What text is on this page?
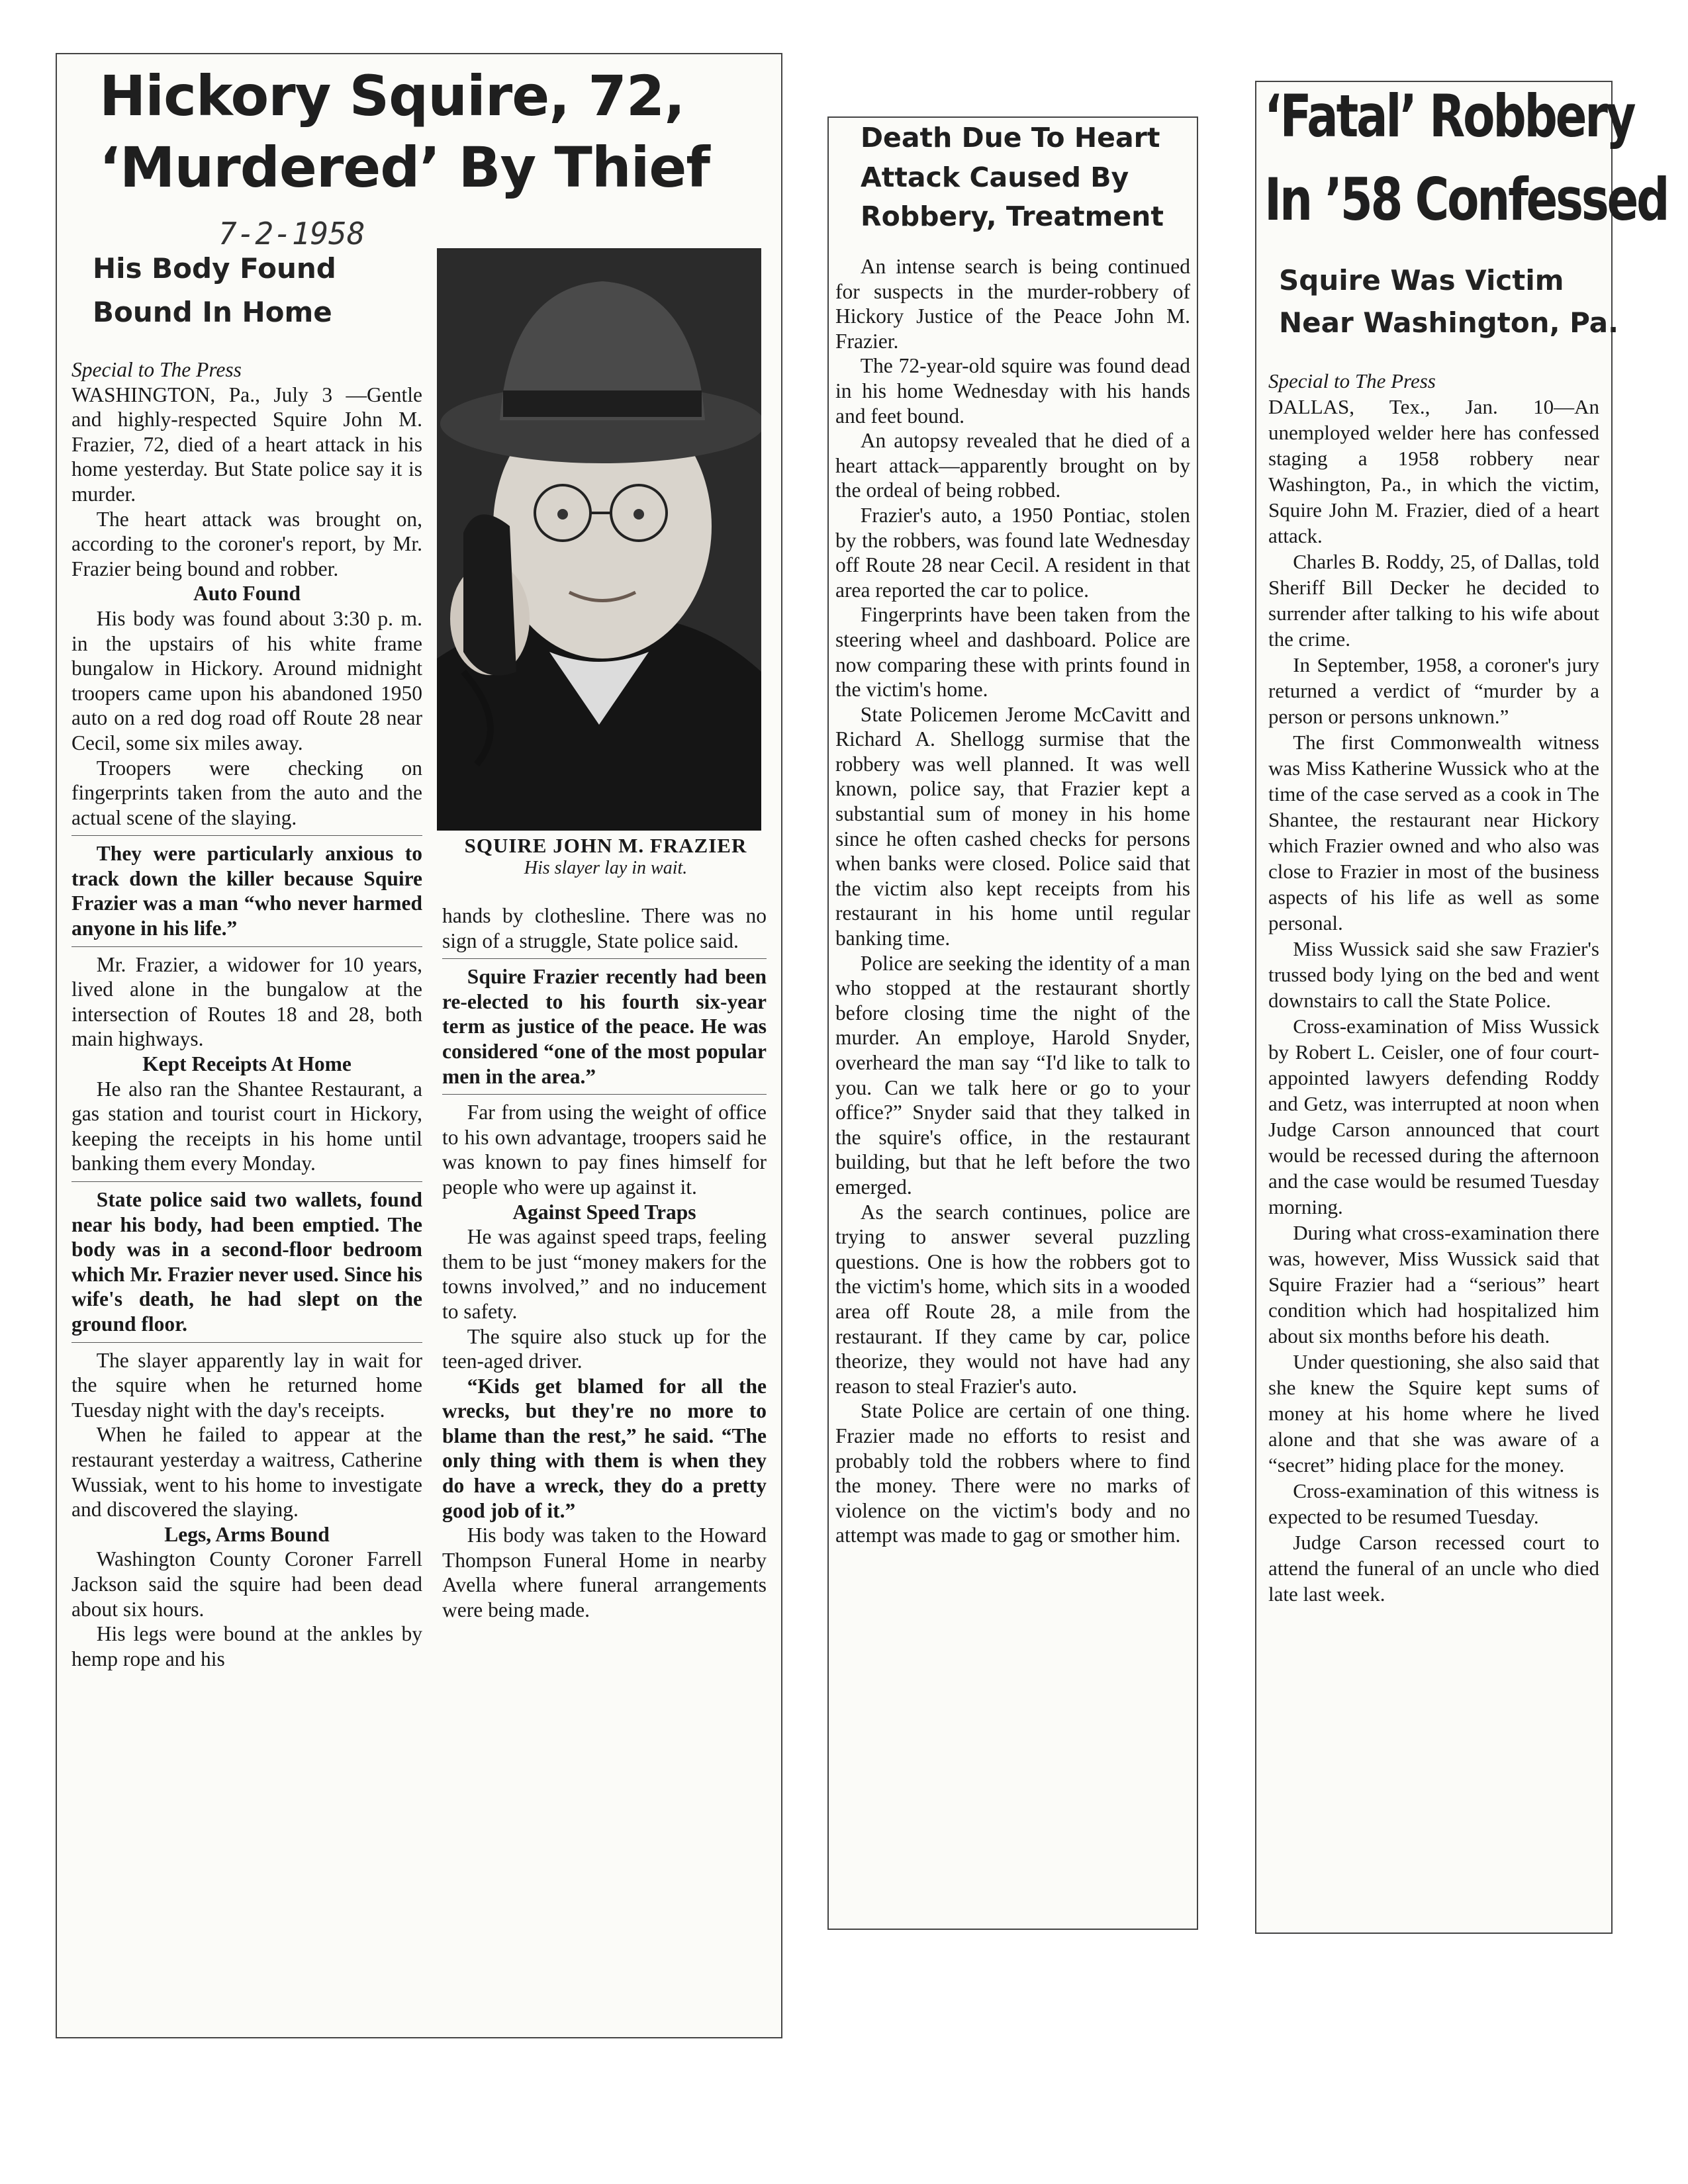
Hickory Squire, 72,
‘Murdered’ By Thief
7-2-1958
His Body Found
Bound In Home
SQUIRE JOHN M. FRAZIER
His slayer lay in wait.

Special to The Press

WASHINGTON, Pa., July 3 —Gentle and highly-respected Squire John M. Frazier, 72, died of a heart attack in his home yesterday. But State police say it is murder.

The heart attack was brought on, according to the coroner's report, by Mr. Frazier being bound and robber.

Auto Found

His body was found about 3:30 p. m. in the upstairs of his white frame bungalow in Hickory. Around midnight troopers came upon his abandoned 1950 auto on a red dog road off Route 28 near Cecil, some six miles away.

Troopers were checking on fingerprints taken from the auto and the actual scene of the slaying.

They were particularly anxious to track down the killer because Squire Frazier was a man “who never harmed anyone in his life.”

Mr. Frazier, a widower for 10 years, lived alone in the bungalow at the intersection of Routes 18 and 28, both main highways.

Kept Receipts At Home

He also ran the Shantee Restaurant, a gas station and tourist court in Hickory, keeping the receipts in his home until banking them every Monday.

State police said two wallets, found near his body, had been emptied. The body was in a second-floor bedroom which Mr. Frazier never used. Since his wife's death, he had slept on the ground floor.

The slayer apparently lay in wait for the squire when he returned home Tuesday night with the day's receipts.

When he failed to appear at the restaurant yesterday a waitress, Catherine Wussiak, went to his home to investigate and discovered the slaying.

Legs, Arms Bound

Washington County Coroner Farrell Jackson said the squire had been dead about six hours.

His legs were bound at the ankles by hemp rope and his

hands by clothesline. There was no sign of a struggle, State police said.

Squire Frazier recently had been re-elected to his fourth six-year term as justice of the peace. He was considered “one of the most popular men in the area.”

Far from using the weight of office to his own advantage, troopers said he was known to pay fines himself for people who were up against it.

Against Speed Traps

He was against speed traps, feeling them to be just “money makers for the towns involved,” and no inducement to safety.

The squire also stuck up for the teen-aged driver.

“Kids get blamed for all the wrecks, but they're no more to blame than the rest,” he said. “The only thing with them is when they do have a wreck, they do a pretty good job of it.”

His body was taken to the Howard Thompson Funeral Home in nearby Avella where funeral arrangements were being made.

Death Due To Heart
Attack Caused By
Robbery, Treatment

An intense search is being continued for suspects in the murder-robbery of Hickory Justice of the Peace John M. Frazier.

The 72-year-old squire was found dead in his home Wednesday with his hands and feet bound.

An autopsy revealed that he died of a heart attack—apparently brought on by the ordeal of being robbed.

Frazier's auto, a 1950 Pontiac, stolen by the robbers, was found late Wednesday off Route 28 near Cecil. A resident in that area reported the car to police.

Fingerprints have been taken from the steering wheel and dashboard. Police are now comparing these with prints found in the victim's home.

State Policemen Jerome McCavitt and Richard A. Shellogg surmise that the robbery was well planned. It was well known, police say, that Frazier kept a substantial sum of money in his home since he often cashed checks for persons when banks were closed. Police said that the victim also kept receipts from his restaurant in his home until regular banking time.

Police are seeking the identity of a man who stopped at the restaurant shortly before closing time the night of the murder. An employe, Harold Snyder, overheard the man say “I'd like to talk to you. Can we talk here or go to your office?” Snyder said that they talked in the squire's office, in the restaurant building, but that he left before the two emerged.

As the search continues, police are trying to answer several puzzling questions. One is how the robbers got to the victim's home, which sits in a wooded area off Route 28, a mile from the restaurant. If they came by car, police theorize, they would not have had any reason to steal Frazier's auto.

State Police are certain of one thing. Frazier made no efforts to resist and probably told the robbers where to find the money. There were no marks of violence on the victim's body and no attempt was made to gag or smother him.

‘Fatal’ Robbery
In ’58 Confessed
Squire Was Victim
Near Washington, Pa.

Special to The Press

DALLAS, Tex., Jan. 10—An unemployed welder here has confessed staging a 1958 robbery near Washington, Pa., in which the victim, Squire John M. Frazier, died of a heart attack.

Charles B. Roddy, 25, of Dallas, told Sheriff Bill Decker he decided to surrender after talking to his wife about the crime.

In September, 1958, a coroner's jury returned a verdict of “murder by a person or persons unknown.”

The first Commonwealth witness was Miss Katherine Wussick who at the time of the case served as a cook in The Shantee, the restaurant near Hickory which Frazier owned and who also was close to Frazier in most of the business aspects of his life as well as some personal.

Miss Wussick said she saw Frazier's trussed body lying on the bed and went downstairs to call the State Police.

Cross-examination of Miss Wussick by Robert L. Ceisler, one of four court-appointed lawyers defending Roddy and Getz, was interrupted at noon when Judge Carson announced that court would be recessed during the afternoon and the case would be resumed Tuesday morning.

During what cross-examination there was, however, Miss Wussick said that Squire Frazier had a “serious” heart condition which had hospitalized him about six months before his death.

Under questioning, she also said that she knew the Squire kept sums of money at his home where he lived alone and that she was aware of a “secret” hiding place for the money.

Cross-examination of this witness is expected to be resumed Tuesday.

Judge Carson recessed court to attend the funeral of an uncle who died late last week.
